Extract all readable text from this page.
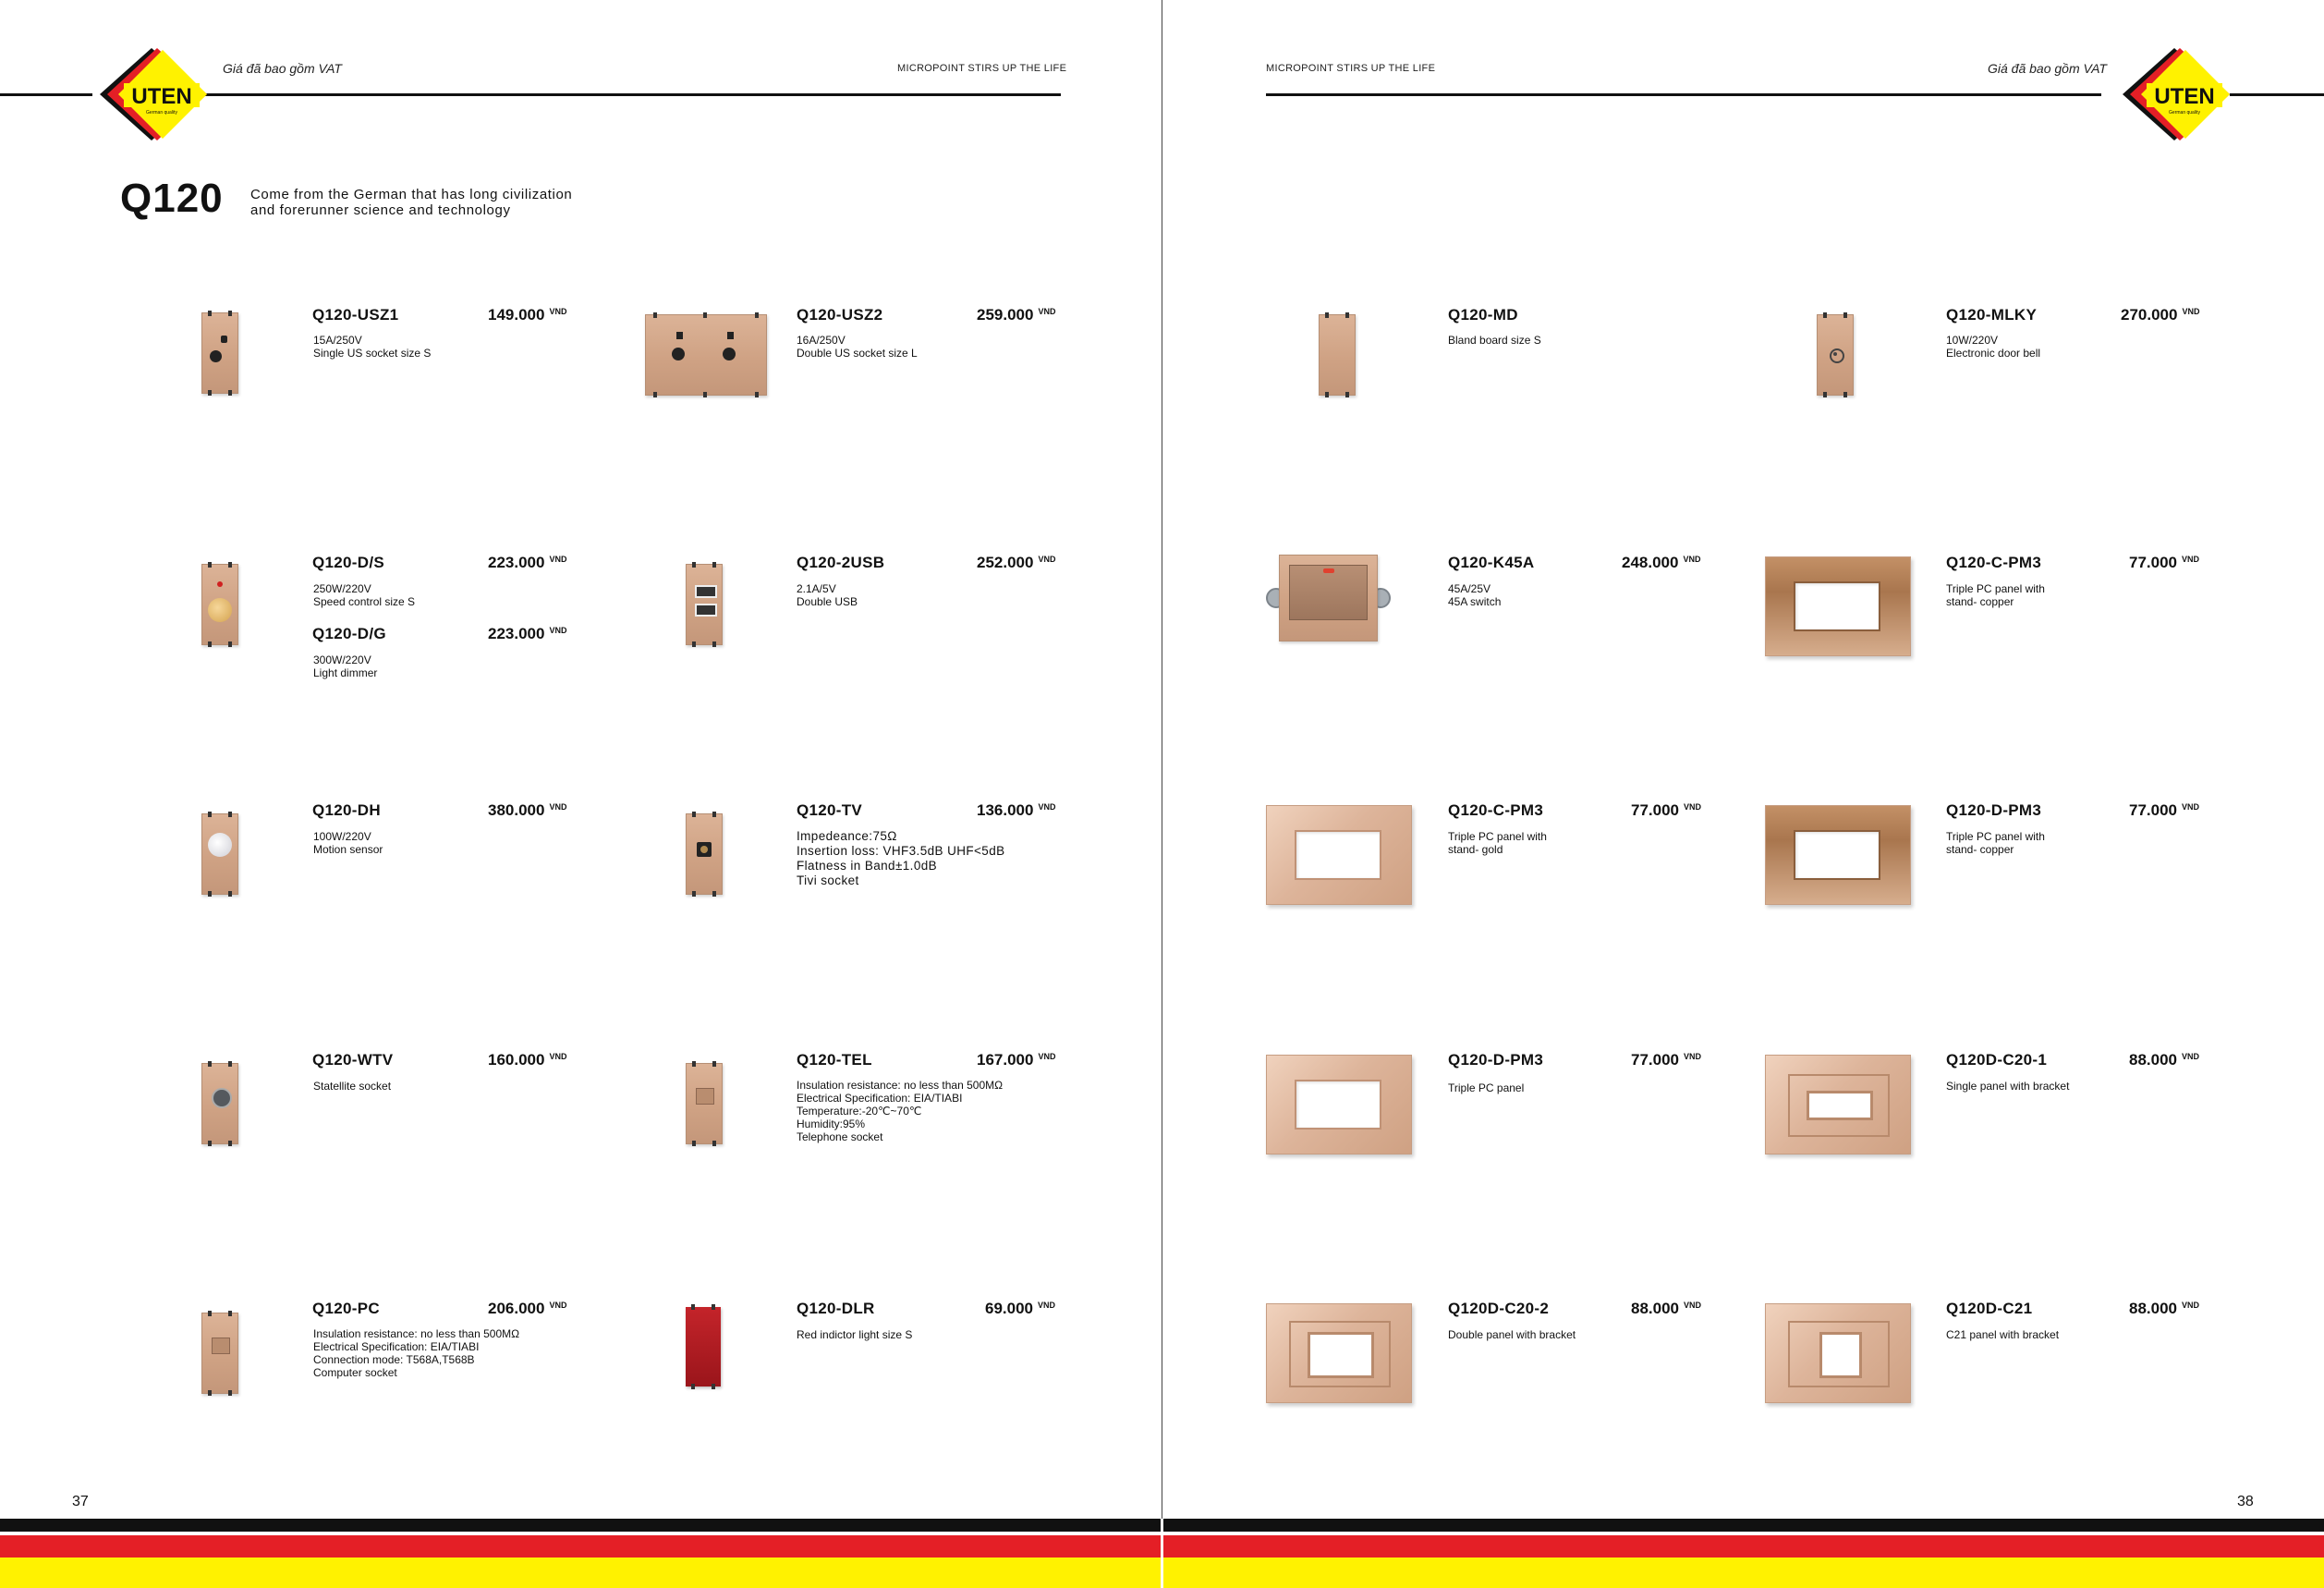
UTEN
German quality
Giá đã bao gồm VAT	MICROPOINT STIRS UP THE LIFE
Q120 Come from the German that has long civilization
and forerunner science and technology
Q120-USZ1	149.000 $^{VND}$
15A/250V
Single US socket size S
Q120-USZ2	259.000 $^{VND}$
16A/250V
Double US socket size L
Q120-D/S	223.000 $^{VND}$
250W/220V
Speed control size S
Q120-D/G	223.000 $^{VND}$
300W/220V
Light dimmer
Q120-2USB	252.000 $^{VND}$
2.1A/5V
Double USB
Q120-DH	380.000 $^{VND}$
100W/220V
Motion sensor
Q120-TV	136.000 $^{VND}$
Impedeance:75Ω
Insertion loss: VHF3.5dB UHF<5dB
Flatness in Band±1.0dB
Tivi socket
Q120-WTV	160.000 $^{VND}$
Statellite socket
Q120-TEL	167.000 $^{VND}$
Insulation resistance: no less than 500MΩ
Electrical Specification: EIA/TIABI
Temperature:-20℃~70℃
Humidity:95%
Telephone socket
Q120-PC	206.000 $^{VND}$
Insulation resistance: no less than 500MΩ
Electrical Specification: EIA/TIABI
Connection mode: T568A,T568B
Computer socket
Q120-DLR	69.000 $^{VND}$
Red indictor light size S
37
UTEN
German quality
MICROPOINT STIRS UP THE LIFE	Giá đã bao gồm VAT
Q120-MD
Bland board size S
Q120-MLKY	270.000 $^{VND}$
10W/220V
Electronic door bell
Q120-K45A	248.000 $^{VND}$
45A/25V
45A switch
Q120-C-PM3	77.000 $^{VND}$
Triple PC panel with
stand- copper
Q120-C-PM3	77.000 $^{VND}$
Triple PC panel with
stand- gold
Q120-D-PM3	77.000 $^{VND}$
Triple PC panel with
stand- copper
Q120-D-PM3	77.000 $^{VND}$
Triple PC panel
Q120D-C20-1	88.000 $^{VND}$
Single panel with bracket
Q120D-C20-2	88.000 $^{VND}$
Double panel with bracket
Q120D-C21	88.000 $^{VND}$
C21 panel with bracket
38
